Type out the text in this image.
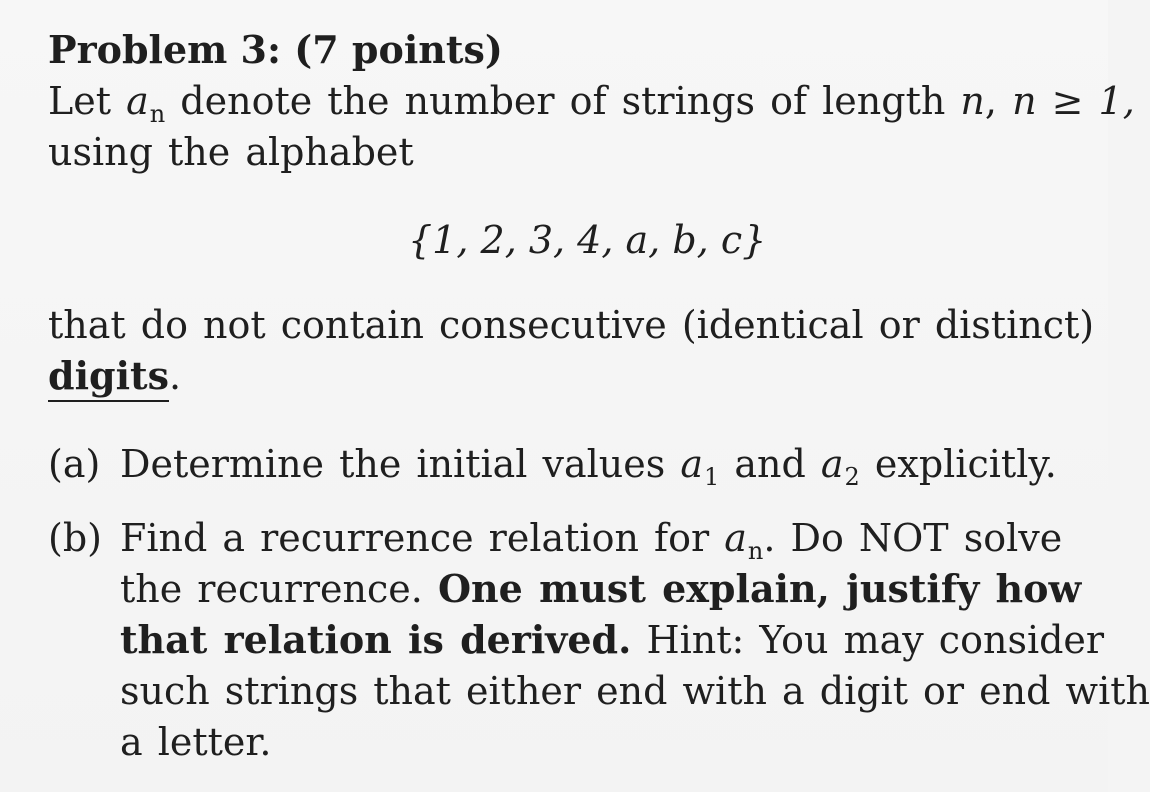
Problem 3: (7 points)
Let $a_n$ denote the number of strings of length n, n ≥ 1,
using the alphabet
{1, 2, 3, 4, a, b, c}
that do not contain consecutive (identical or distinct)
digits.
(a) Determine the initial values $a_1$ and $a_2$ explicitly.
(b) Find a recurrence relation for $a_n$. Do NOT solve
the recurrence. One must explain, justify how
that relation is derived. Hint: You may consider
such strings that either end with a digit or end with
a letter.
